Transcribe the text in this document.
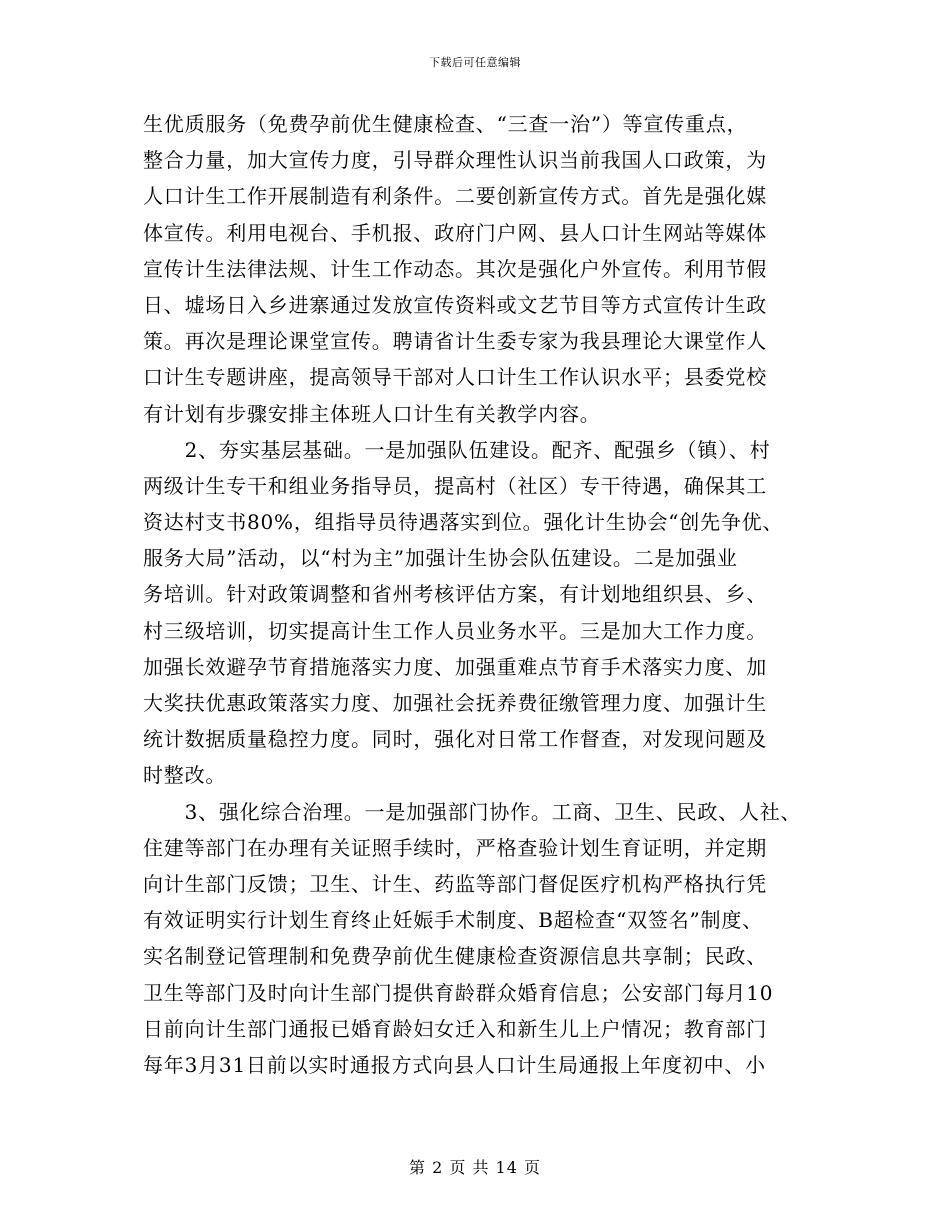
下载后可任意编辑
生优质服务（免费孕前优生健康检查、“三查一治”）等宣传重点，
整合力量，加大宣传力度，引导群众理性认识当前我国人口政策，为
人口计生工作开展制造有利条件。二要创新宣传方式。首先是强化媒
体宣传。利用电视台、手机报、政府门户网、县人口计生网站等媒体
宣传计生法律法规、计生工作动态。其次是强化户外宣传。利用节假
日、墟场日入乡进寨通过发放宣传资料或文艺节目等方式宣传计生政
策。再次是理论课堂宣传。聘请省计生委专家为我县理论大课堂作人
口计生专题讲座，提高领导干部对人口计生工作认识水平；县委党校
有计划有步骤安排主体班人口计生有关教学内容。
　　2、夯实基层基础。一是加强队伍建设。配齐、配强乡（镇）、村
两级计生专干和组业务指导员，提高村（社区）专干待遇，确保其工
资达村支书80%，组指导员待遇落实到位。强化计生协会“创先争优、
服务大局”活动，以“村为主”加强计生协会队伍建设。二是加强业
务培训。针对政策调整和省州考核评估方案，有计划地组织县、乡、
村三级培训，切实提高计生工作人员业务水平。三是加大工作力度。
加强长效避孕节育措施落实力度、加强重难点节育手术落实力度、加
大奖扶优惠政策落实力度、加强社会抚养费征缴管理力度、加强计生
统计数据质量稳控力度。同时，强化对日常工作督查，对发现问题及
时整改。
　　3、强化综合治理。一是加强部门协作。工商、卫生、民政、人社、
住建等部门在办理有关证照手续时，严格查验计划生育证明，并定期
向计生部门反馈；卫生、计生、药监等部门督促医疗机构严格执行凭
有效证明实行计划生育终止妊娠手术制度、B超检查“双签名”制度、
实名制登记管理制和免费孕前优生健康检查资源信息共享制；民政、
卫生等部门及时向计生部门提供育龄群众婚育信息；公安部门每月10
日前向计生部门通报已婚育龄妇女迁入和新生儿上户情况；教育部门
每年3月31日前以实时通报方式向县人口计生局通报上年度初中、小
第 2 页 共 14 页
